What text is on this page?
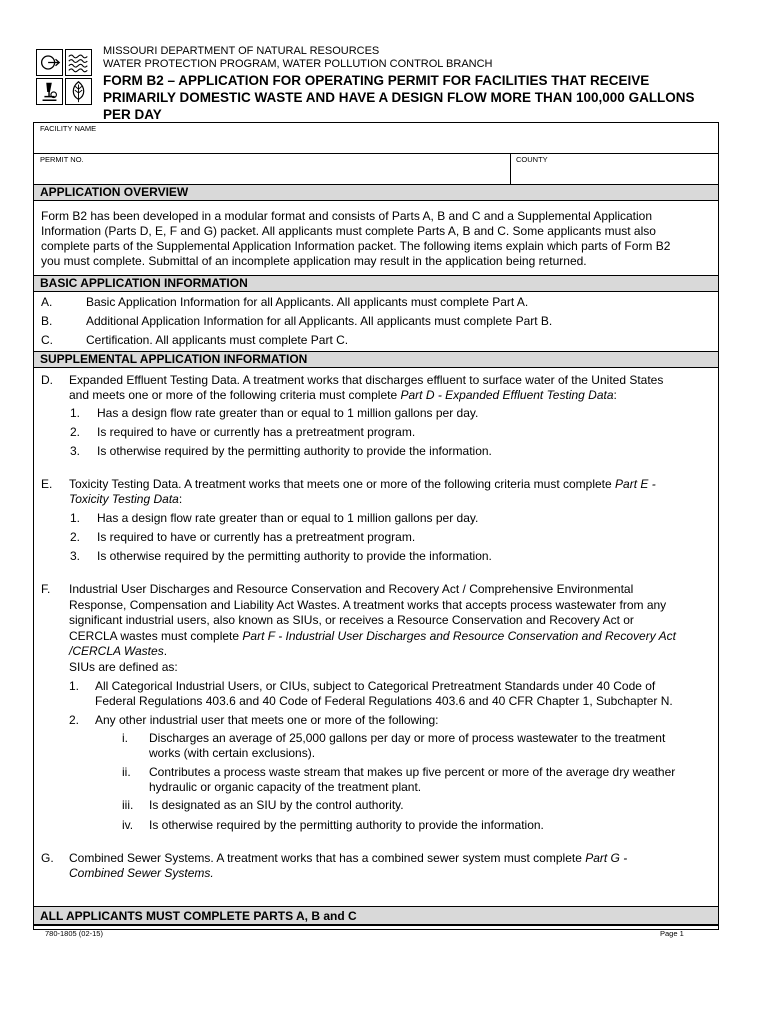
MISSOURI DEPARTMENT OF NATURAL RESOURCES
WATER PROTECTION PROGRAM, WATER POLLUTION CONTROL BRANCH
FORM B2 – APPLICATION FOR OPERATING PERMIT FOR FACILITIES THAT RECEIVE
PRIMARILY DOMESTIC WASTE AND HAVE A DESIGN FLOW MORE THAN 100,000 GALLONS
PER DAY
FACILITY NAME
PERMIT NO.	COUNTY
APPLICATION OVERVIEW
Form B2 has been developed in a modular format and consists of Parts A, B and C and a Supplemental Application
Information (Parts D, E, F and G) packet. All applicants must complete Parts A, B and C. Some applicants must also
complete parts of the Supplemental Application Information packet. The following items explain which parts of Form B2
you must complete. Submittal of an incomplete application may result in the application being returned.
BASIC APPLICATION INFORMATION
A.	Basic Application Information for all Applicants. All applicants must complete Part A.
B.	Additional Application Information for all Applicants. All applicants must complete Part B.
C.	Certification. All applicants must complete Part C.
SUPPLEMENTAL APPLICATION INFORMATION
D. Expanded Effluent Testing Data. A treatment works that discharges effluent to surface water of the United States
and meets one or more of the following criteria must complete Part D - Expanded Effluent Testing Data:
1. Has a design flow rate greater than or equal to 1 million gallons per day.
2. Is required to have or currently has a pretreatment program.
3. Is otherwise required by the permitting authority to provide the information.
E. Toxicity Testing Data. A treatment works that meets one or more of the following criteria must complete Part E -
Toxicity Testing Data:
1. Has a design flow rate greater than or equal to 1 million gallons per day.
2. Is required to have or currently has a pretreatment program.
3. Is otherwise required by the permitting authority to provide the information.
F. Industrial User Discharges and Resource Conservation and Recovery Act / Comprehensive Environmental
Response, Compensation and Liability Act Wastes. A treatment works that accepts process wastewater from any
significant industrial users, also known as SIUs, or receives a Resource Conservation and Recovery Act or
CERCLA wastes must complete Part F - Industrial User Discharges and Resource Conservation and Recovery Act
/CERCLA Wastes.
SIUs are defined as:
1. All Categorical Industrial Users, or CIUs, subject to Categorical Pretreatment Standards under 40 Code of
Federal Regulations 403.6 and 40 Code of Federal Regulations 403.6 and 40 CFR Chapter 1, Subchapter N.
2. Any other industrial user that meets one or more of the following:
i. Discharges an average of 25,000 gallons per day or more of process wastewater to the treatment
works (with certain exclusions).
ii. Contributes a process waste stream that makes up five percent or more of the average dry weather
hydraulic or organic capacity of the treatment plant.
iii. Is designated as an SIU by the control authority.
iv. Is otherwise required by the permitting authority to provide the information.
G. Combined Sewer Systems. A treatment works that has a combined sewer system must complete Part G -
Combined Sewer Systems.
ALL APPLICANTS MUST COMPLETE PARTS A, B and C
780-1805 (02-15)	Page 1
